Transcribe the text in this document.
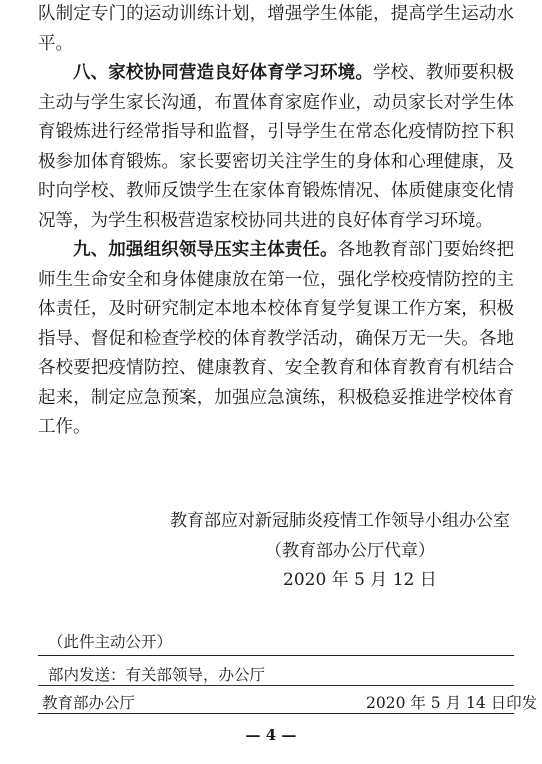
队制定专门的运动训练计划，增强学生体能，提高学生运动水平。

八、家校协同营造良好体育学习环境。学校、教师要积极主动与学生家长沟通，布置体育家庭作业，动员家长对学生体育锻炼进行经常指导和监督，引导学生在常态化疫情防控下积极参加体育锻炼。家长要密切关注学生的身体和心理健康，及时向学校、教师反馈学生在家体育锻炼情况、体质健康变化情况等，为学生积极营造家校协同共进的良好体育学习环境。

九、加强组织领导压实主体责任。各地教育部门要始终把师生生命安全和身体健康放在第一位，强化学校疫情防控的主体责任，及时研究制定本地本校体育复学复课工作方案，积极指导、督促和检查学校的体育教学活动，确保万无一失。各地各校要把疫情防控、健康教育、安全教育和体育教育有机结合起来，制定应急预案，加强应急演练，积极稳妥推进学校体育工作。

教育部应对新冠肺炎疫情工作领导小组办公室
（教育部办公厅代章）
2020 年 5 月 12 日
（此件主动公开）
部内发送：有关部领导，办公厅
教育部办公厅	2020 年 5 月 14 日印发
— 4 —
